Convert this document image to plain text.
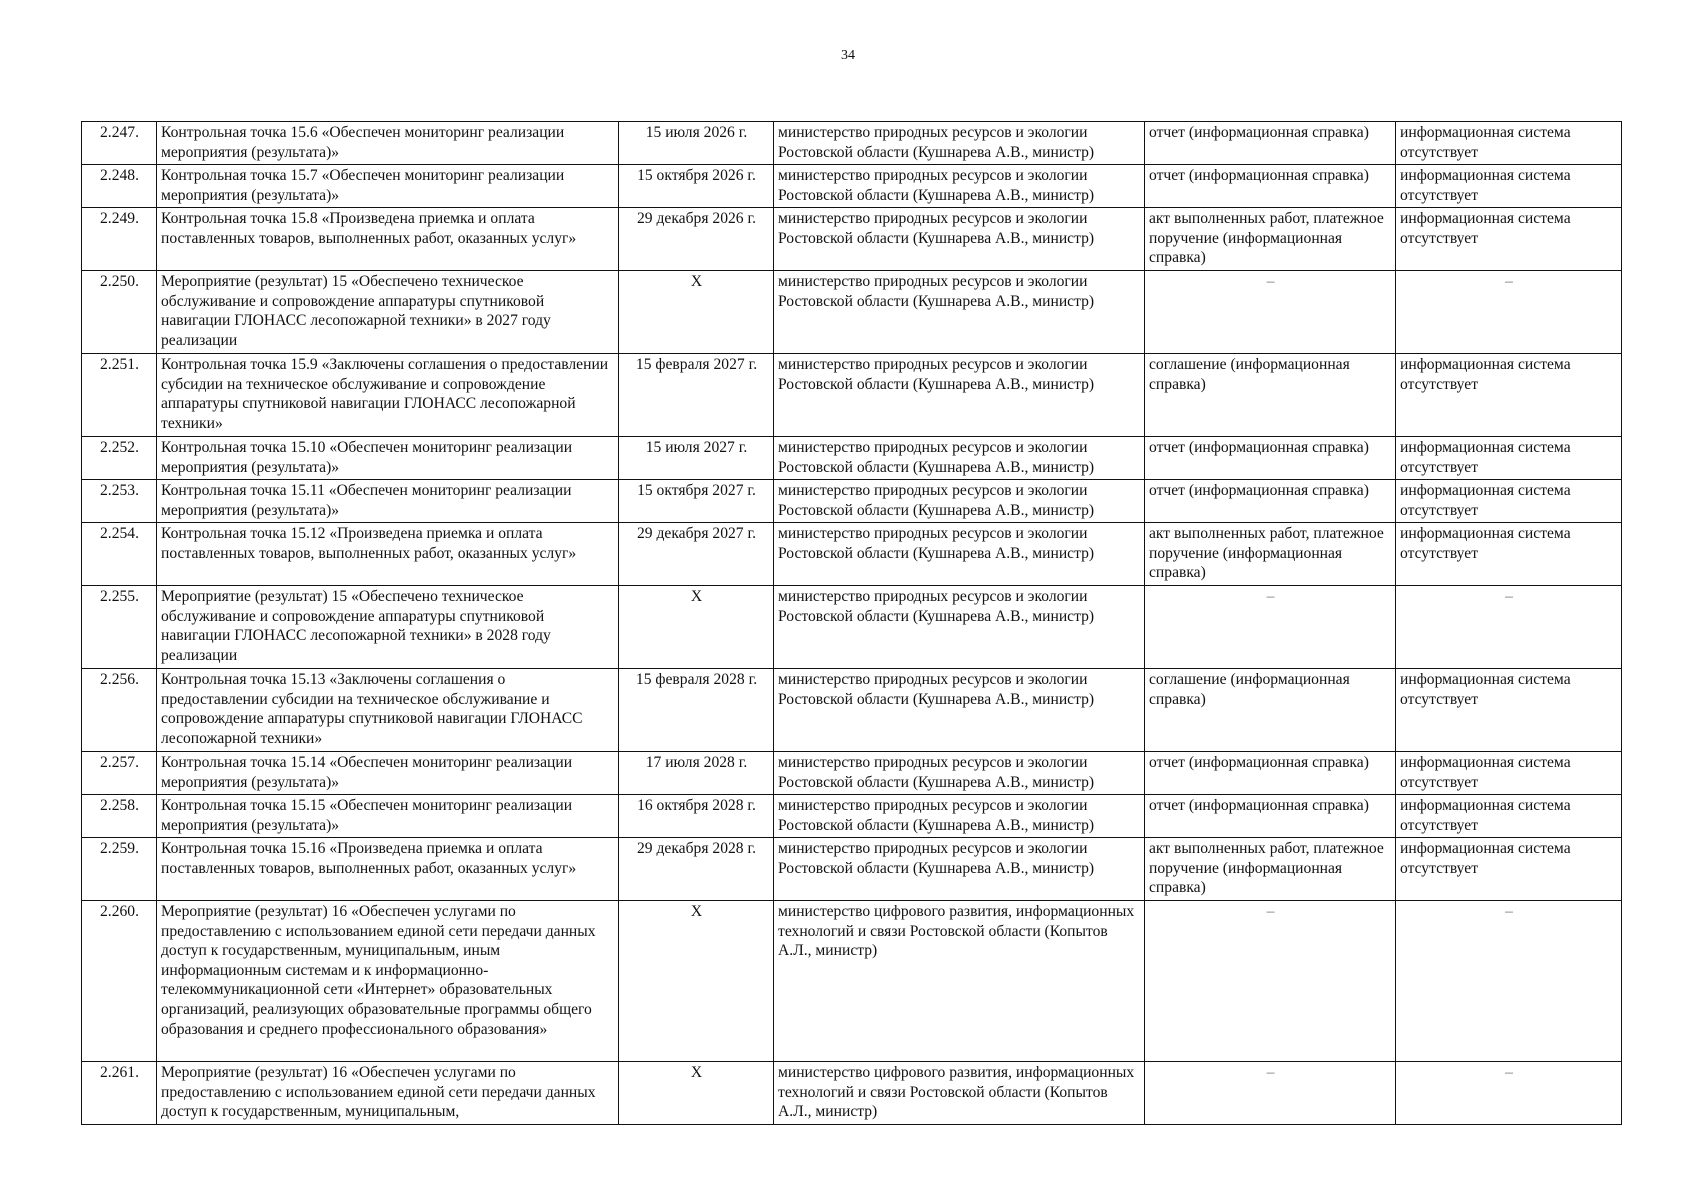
34
2.247.	Контрольная точка 15.6 «Обеспечен мониторинг реализации мероприятия (результата)»	15 июля 2026 г.	министерство природных ресурсов и экологии Ростовской области (Кушнарева А.В., министр)	отчет (информационная справка)	информационная система отсутствует
2.248.	Контрольная точка 15.7 «Обеспечен мониторинг реализации мероприятия (результата)»	15 октября 2026 г.	министерство природных ресурсов и экологии Ростовской области (Кушнарева А.В., министр)	отчет (информационная справка)	информационная система отсутствует
2.249.	Контрольная точка 15.8 «Произведена приемка и оплата поставленных товаров, выполненных работ, оказанных услуг»	29 декабря 2026 г.	министерство природных ресурсов и экологии Ростовской области (Кушнарева А.В., министр)	акт выполненных работ, платежное поручение (информационная справка)	информационная система отсутствует
2.250.	Мероприятие (результат) 15 «Обеспечено техническое обслуживание и сопровождение аппаратуры спутниковой навигации ГЛОНАСС лесопожарной техники» в 2027 году реализации	X	министерство природных ресурсов и экологии Ростовской области (Кушнарева А.В., министр)	–	–
2.251.	Контрольная точка 15.9 «Заключены соглашения о предоставлении субсидии на техническое обслуживание и сопровождение аппаратуры спутниковой навигации ГЛОНАСС лесопожарной техники»	15 февраля 2027 г.	министерство природных ресурсов и экологии Ростовской области (Кушнарева А.В., министр)	соглашение (информационная справка)	информационная система отсутствует
2.252.	Контрольная точка 15.10 «Обеспечен мониторинг реализации мероприятия (результата)»	15 июля 2027 г.	министерство природных ресурсов и экологии Ростовской области (Кушнарева А.В., министр)	отчет (информационная справка)	информационная система отсутствует
2.253.	Контрольная точка 15.11 «Обеспечен мониторинг реализации мероприятия (результата)»	15 октября 2027 г.	министерство природных ресурсов и экологии Ростовской области (Кушнарева А.В., министр)	отчет (информационная справка)	информационная система отсутствует
2.254.	Контрольная точка 15.12 «Произведена приемка и оплата поставленных товаров, выполненных работ, оказанных услуг»	29 декабря 2027 г.	министерство природных ресурсов и экологии Ростовской области (Кушнарева А.В., министр)	акт выполненных работ, платежное поручение (информационная справка)	информационная система отсутствует
2.255.	Мероприятие (результат) 15 «Обеспечено техническое обслуживание и сопровождение аппаратуры спутниковой навигации ГЛОНАСС лесопожарной техники» в 2028 году реализации	X	министерство природных ресурсов и экологии Ростовской области (Кушнарева А.В., министр)	–	–
2.256.	Контрольная точка 15.13 «Заключены соглашения о предоставлении субсидии на техническое обслуживание и сопровождение аппаратуры спутниковой навигации ГЛОНАСС лесопожарной техники»	15 февраля 2028 г.	министерство природных ресурсов и экологии Ростовской области (Кушнарева А.В., министр)	соглашение (информационная справка)	информационная система отсутствует
2.257.	Контрольная точка 15.14 «Обеспечен мониторинг реализации мероприятия (результата)»	17 июля 2028 г.	министерство природных ресурсов и экологии Ростовской области (Кушнарева А.В., министр)	отчет (информационная справка)	информационная система отсутствует
2.258.	Контрольная точка 15.15 «Обеспечен мониторинг реализации мероприятия (результата)»	16 октября 2028 г.	министерство природных ресурсов и экологии Ростовской области (Кушнарева А.В., министр)	отчет (информационная справка)	информационная система отсутствует
2.259.	Контрольная точка 15.16 «Произведена приемка и оплата поставленных товаров, выполненных работ, оказанных услуг»	29 декабря 2028 г.	министерство природных ресурсов и экологии Ростовской области (Кушнарева А.В., министр)	акт выполненных работ, платежное поручение (информационная справка)	информационная система отсутствует
2.260.	Мероприятие (результат) 16 «Обеспечен услугами по предоставлению с использованием единой сети передачи данных доступ к государственным, муниципальным, иным информационным системам и к информационно-телекоммуникационной сети «Интернет» образовательных организаций, реализующих образовательные программы общего образования и среднего профессионального образования»	X	министерство цифрового развития, информационных технологий и связи Ростовской области (Копытов А.Л., министр)	–	–
2.261.	Мероприятие (результат) 16 «Обеспечен услугами по предоставлению с использованием единой сети передачи данных доступ к государственным, муниципальным,	X	министерство цифрового развития, информационных технологий и связи Ростовской области (Копытов А.Л., министр)	–	–
